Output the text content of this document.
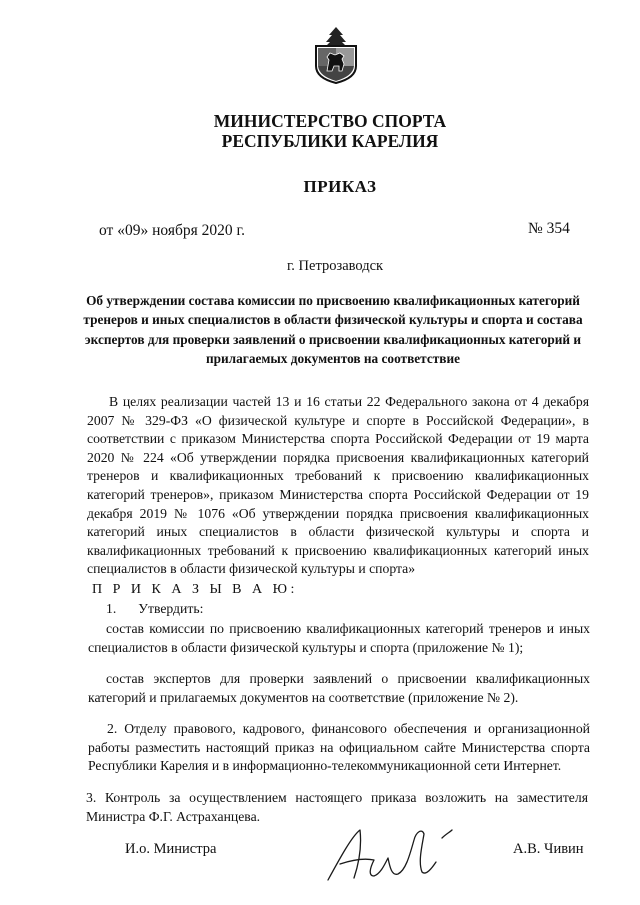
МИНИСТЕРСТВО СПОРТА
РЕСПУБЛИКИ КАРЕЛИЯ
ПРИКАЗ
от «09» ноября 2020 г.	№ 354
г. Петрозаводск
Об утверждении состава комиссии по присвоению квалификационных категорий тренеров и иных специалистов в области физической культуры и спорта и состава экспертов для проверки заявлений о присвоении квалификационных категорий и прилагаемых документов на соответствие
В целях реализации частей 13 и 16 статьи 22 Федерального закона от 4 декабря 2007 № 329-ФЗ «О физической культуре и спорте в Российской Федерации», в соответствии с приказом Министерства спорта Российской Федерации от 19 марта 2020 № 224 «Об утверждении порядка присвоения квалификационных категорий тренеров и квалификационных требований к присвоению квалификационных категорий тренеров», приказом Министерства спорта Российской Федерации от 19 декабря 2019 № 1076 «Об утверждении порядка присвоения квалификационных категорий иных специалистов в области физической культуры и спорта и квалификационных требований к присвоению квалификационных категорий иных специалистов в области физической культуры и спорта»
П Р И К А З Ы В А Ю:
1. Утвердить:
состав комиссии по присвоению квалификационных категорий тренеров и иных специалистов в области физической культуры и спорта (приложение № 1);
состав экспертов для проверки заявлений о присвоении квалификационных категорий и прилагаемых документов на соответствие (приложение № 2).
2. Отделу правового, кадрового, финансового обеспечения и организационной работы разместить настоящий приказ на официальном сайте Министерства спорта Республики Карелия и в информационно-телекоммуникационной сети Интернет.
3. Контроль за осуществлением настоящего приказа возложить на заместителя Министра Ф.Г. Астраханцева.
И.о. Министра	А.В. Чивин
